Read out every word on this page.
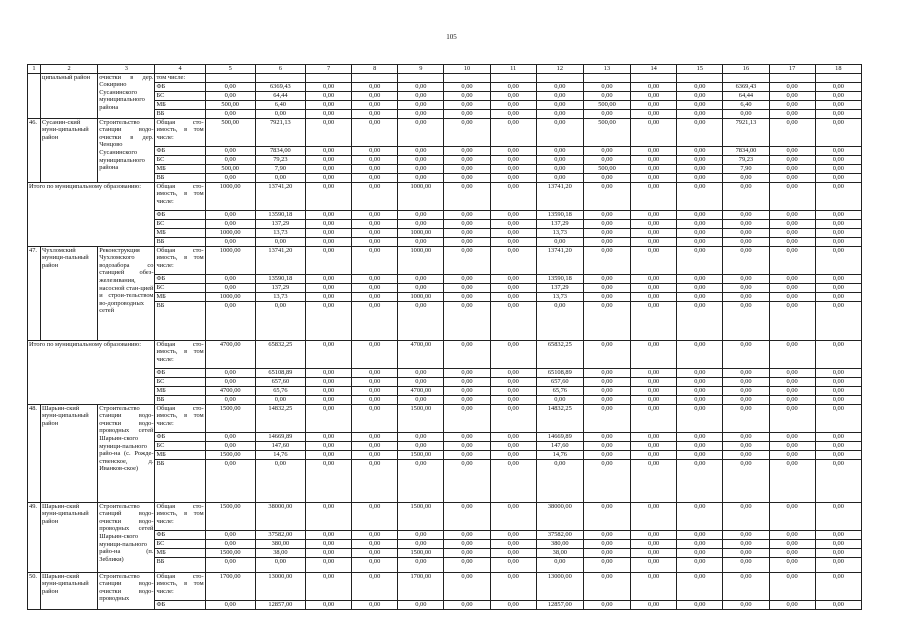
105
1	2	3	4	5	6	7	8	9	10	11	12	13	14	15	16	17	18
	ципальный район	очистки в дер. Сокирино Сусанинского муниципального района	том числе:														
			ФБ	0,00	6369,43	0,00	0,00	0,00	0,00	0,00	0,00	0,00	0,00	0,00	6369,43	0,00	0,00
			БС	0,00	64,44	0,00	0,00	0,00	0,00	0,00	0,00	0,00	0,00	0,00	64,44	0,00	0,00
			МБ	500,00	6,40	0,00	0,00	0,00	0,00	0,00	0,00	500,00	0,00	0,00	6,40	0,00	0,00
			ВБ	0,00	0,00	0,00	0,00	0,00	0,00	0,00	0,00	0,00	0,00	0,00	0,00	0,00	0,00
46.	Сусанин-ский муни-ципальный район	Строительство станции водо-очистки в дер. Ченцово Сусанинского муниципального района	Общая сто-имость, в том числе:	500,00	7921,13	0,00	0,00	0,00	0,00	0,00	0,00	500,00	0,00	0,00	7921,13	0,00	0,00
			ФБ	0,00	7834,00	0,00	0,00	0,00	0,00	0,00	0,00	0,00	0,00	0,00	7834,00	0,00	0,00
			БС	0,00	79,23	0,00	0,00	0,00	0,00	0,00	0,00	0,00	0,00	0,00	79,23	0,00	0,00
			МБ	500,00	7,90	0,00	0,00	0,00	0,00	0,00	0,00	500,00	0,00	0,00	7,90	0,00	0,00
			ВБ	0,00	0,00	0,00	0,00	0,00	0,00	0,00	0,00	0,00	0,00	0,00	0,00	0,00	0,00
Итого по муниципальному образованию:			Общая сто-имость, в том числе:	1000,00	13741,20	0,00	0,00	1000,00	0,00	0,00	13741,20	0,00	0,00	0,00	0,00	0,00	0,00
			ФБ	0,00	13590,18	0,00	0,00	0,00	0,00	0,00	13590,18	0,00	0,00	0,00	0,00	0,00	0,00
			БС	0,00	137,29	0,00	0,00	0,00	0,00	0,00	137,29	0,00	0,00	0,00	0,00	0,00	0,00
			МБ	1000,00	13,73	0,00	0,00	1000,00	0,00	0,00	13,73	0,00	0,00	0,00	0,00	0,00	0,00
			ВБ	0,00	0,00	0,00	0,00	0,00	0,00	0,00	0,00	0,00	0,00	0,00	0,00	0,00	0,00
47.	Чухломский муници-пальный район	Реконструкция Чухломского водозабора со станцией обез-железивания, насосной стан-цией и строи-тельством во-допроводных сетей	Общая сто-имость, в том числе:	1000,00	13741,20	0,00	0,00	1000,00	0,00	0,00	13741,20	0,00	0,00	0,00	0,00	0,00	0,00
			ФБ	0,00	13590,18	0,00	0,00	0,00	0,00	0,00	13590,18	0,00	0,00	0,00	0,00	0,00	0,00
			БС	0,00	137,29	0,00	0,00	0,00	0,00	0,00	137,29	0,00	0,00	0,00	0,00	0,00	0,00
			МБ	1000,00	13,73	0,00	0,00	1000,00	0,00	0,00	13,73	0,00	0,00	0,00	0,00	0,00	0,00
			ВБ	0,00	0,00	0,00	0,00	0,00	0,00	0,00	0,00	0,00	0,00	0,00	0,00	0,00	0,00
Итого по муниципальному образованию:			Общая сто-имость, в том числе:	4700,00	65832,25	0,00	0,00	4700,00	0,00	0,00	65832,25	0,00	0,00	0,00	0,00	0,00	0,00
			ФБ	0,00	65108,89	0,00	0,00	0,00	0,00	0,00	65108,89	0,00	0,00	0,00	0,00	0,00	0,00
			БС	0,00	657,60	0,00	0,00	0,00	0,00	0,00	657,60	0,00	0,00	0,00	0,00	0,00	0,00
			МБ	4700,00	65,76	0,00	0,00	4700,00	0,00	0,00	65,76	0,00	0,00	0,00	0,00	0,00	0,00
			ВБ	0,00	0,00	0,00	0,00	0,00	0,00	0,00	0,00	0,00	0,00	0,00	0,00	0,00	0,00
48.	Шарьин-ский муни-ципальный район	Строительство станции водо-очистки водо-проводных сетей Шарьин-ского муници-пального райо-на (с. Рожде-ственское, д. Иванков-ское)	Общая сто-имость, в том числе:	1500,00	14832,25	0,00	0,00	1500,00	0,00	0,00	14832,25	0,00	0,00	0,00	0,00	0,00	0,00
			ФБ	0,00	14669,89	0,00	0,00	0,00	0,00	0,00	14669,89	0,00	0,00	0,00	0,00	0,00	0,00
			БС	0,00	147,60	0,00	0,00	0,00	0,00	0,00	147,60	0,00	0,00	0,00	0,00	0,00	0,00
			МБ	1500,00	14,76	0,00	0,00	1500,00	0,00	0,00	14,76	0,00	0,00	0,00	0,00	0,00	0,00
			ВБ	0,00	0,00	0,00	0,00	0,00	0,00	0,00	0,00	0,00	0,00	0,00	0,00	0,00	0,00
49.	Шарьин-ский муни-ципальный район	Строительство станций водо-очистки водо-проводных сетей Шарьин-ского муници-пального райо-на (п. Зеблики)	Общая сто-имость, в том числе:	1500,00	38000,00	0,00	0,00	1500,00	0,00	0,00	38000,00	0,00	0,00	0,00	0,00	0,00	0,00
			ФБ	0,00	37582,00	0,00	0,00	0,00	0,00	0,00	37582,00	0,00	0,00	0,00	0,00	0,00	0,00
			БС	0,00	380,00	0,00	0,00	0,00	0,00	0,00	380,00	0,00	0,00	0,00	0,00	0,00	0,00
			МБ	1500,00	38,00	0,00	0,00	1500,00	0,00	0,00	38,00	0,00	0,00	0,00	0,00	0,00	0,00
			ВБ	0,00	0,00	0,00	0,00	0,00	0,00	0,00	0,00	0,00	0,00	0,00	0,00	0,00	0,00
50.	Шарьин-ский муни-ципальный район	Строительство станции водо-очистки водо-проводных	Общая сто-имость, в том числе:	1700,00	13000,00	0,00	0,00	1700,00	0,00	0,00	13000,00	0,00	0,00	0,00	0,00	0,00	0,00
			ФБ	0,00	12857,00	0,00	0,00	0,00	0,00	0,00	12857,00	0,00	0,00	0,00	0,00	0,00	0,00
